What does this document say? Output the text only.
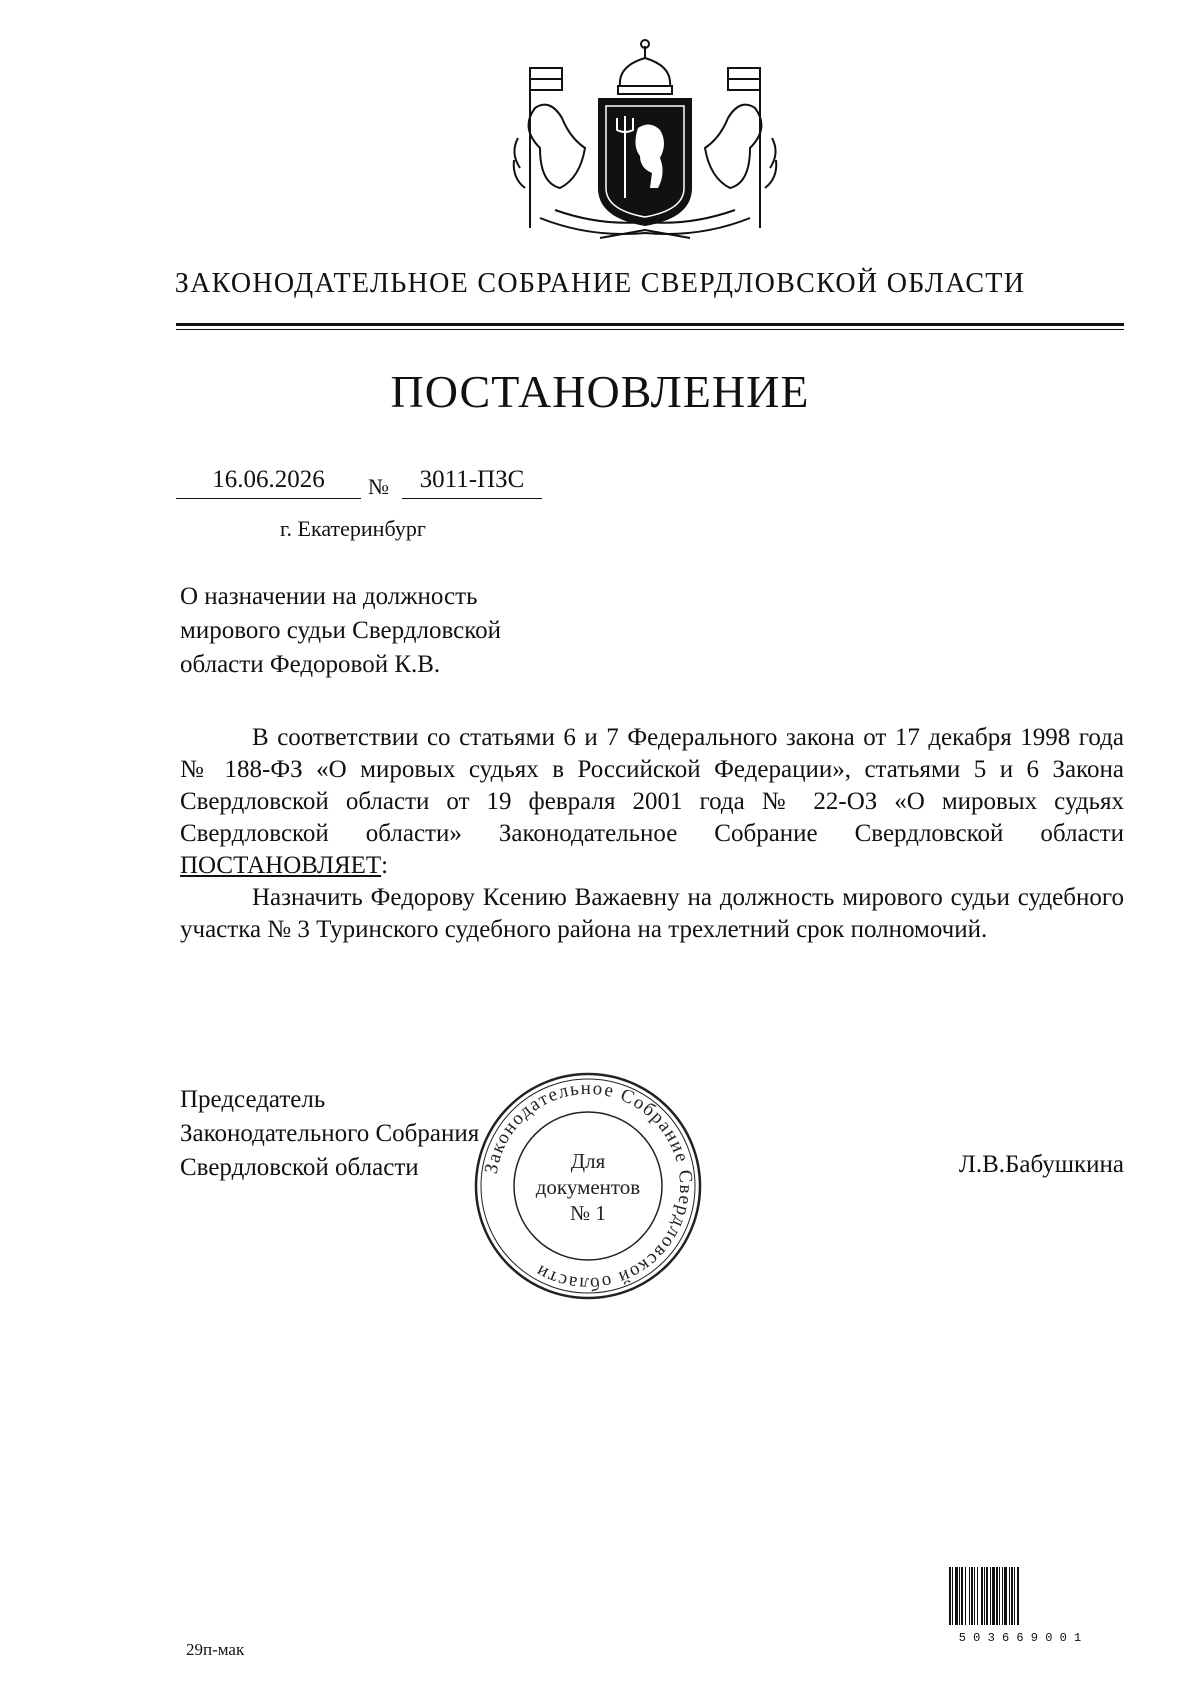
ЗАКОНОДАТЕЛЬНОЕ СОБРАНИЕ СВЕРДЛОВСКОЙ ОБЛАСТИ
ПОСТАНОВЛЕНИЕ
16.06.2026	№	3011-ПЗС
г. Екатеринбург
О назначении на должность
мирового судьи Свердловской
области Федоровой К.В.

В соответствии со статьями 6 и 7 Федерального закона от 17 декабря 1998 года № 188-ФЗ «О мировых судьях в Российской Федерации», статьями 5 и 6 Закона Свердловской области от 19 февраля 2001 года № 22-ОЗ «О мировых судьях Свердловской области» Законодательное Собрание Свердловской области ПОСТАНОВЛЯЕТ:

Назначить Федорову Ксению Важаевну на должность мирового судьи судебного участка № 3 Туринского судебного района на трехлетний срок полномочий.

Председатель
Законодательного Собрания
Свердловской области	Законодательное Собрание Свердловской области
Для
документов
№ 1
Л.В.Бабушкина
5 0 3 6 6 9 0 0 1
29п-мак
